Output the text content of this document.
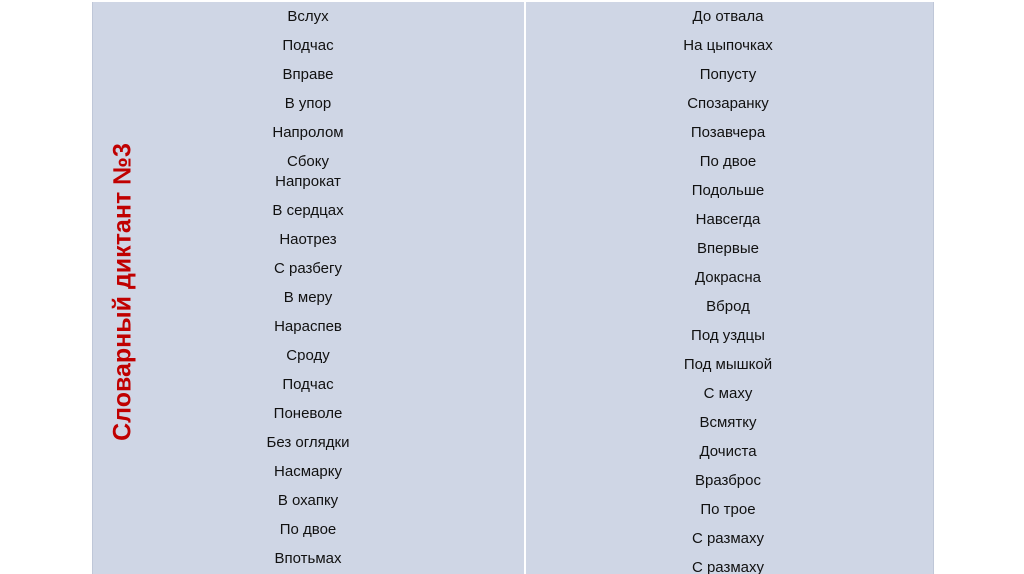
Словарный диктант №3
Вслух
Подчас
Вправе
В упор
Напролом
Сбоку
Напрокат
В сердцах
Наотрез
С разбегу
В меру
Нараспев
Сроду
Подчас
Поневоле
Без оглядки
Насмарку
В охапку
По двое
Впотьмах
До отвала
На цыпочках
Попусту
Спозаранку
Позавчера
По двое
Подольше
Навсегда
Впервые
Докрасна
Вброд
Под уздцы
Под мышкой
С маху
Всмятку
Дочиста
Вразброс
По трое
С размаху
С размаху
